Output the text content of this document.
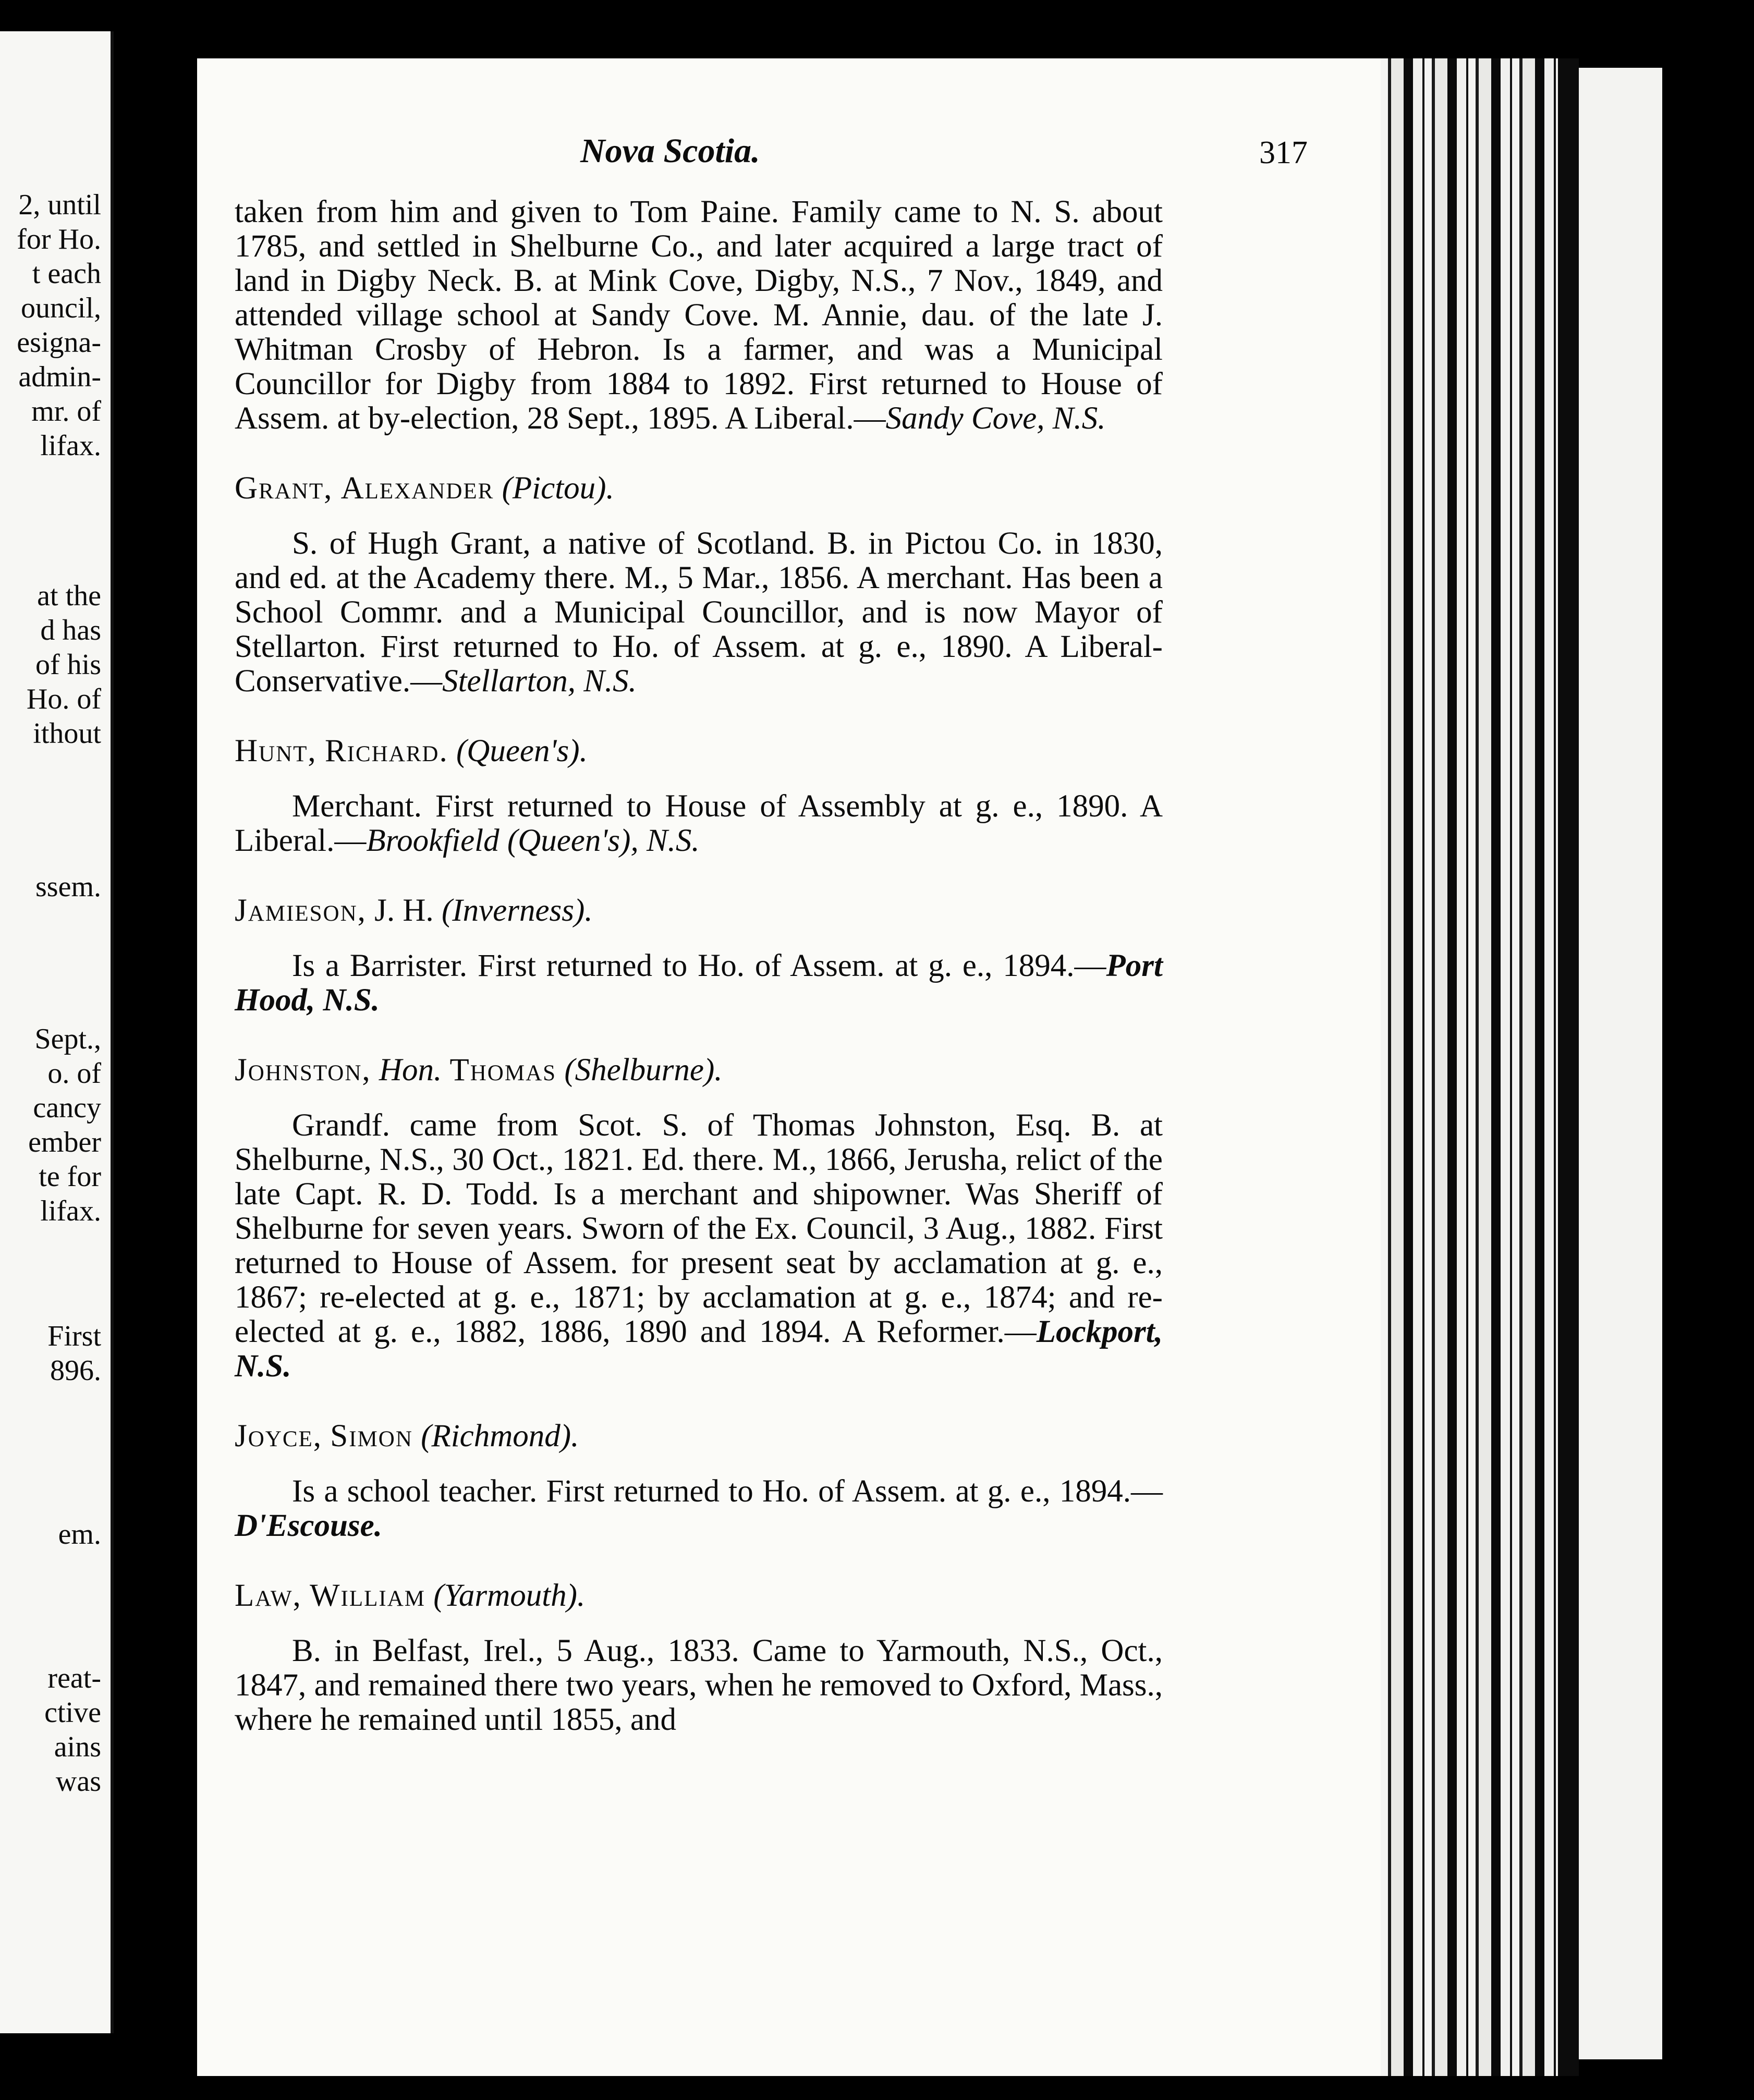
2, until
for Ho.
t each
ouncil,
esigna-
admin-
mr. of
lifax.
at the
d has
of his
Ho. of
ithout
ssem.
Sept.,
o. of
cancy
ember
te for
lifax.
First
896.
em.
reat-
ctive
ains
was
Nova Scotia.	317

taken from him and given to Tom Paine. Family came to N. S. about 1785, and settled in Shelburne Co., and later acquired a large tract of land in Digby Neck. B. at Mink Cove, Digby, N.S., 7 Nov., 1849, and attended village school at Sandy Cove. M. Annie, dau. of the late J. Whitman Crosby of Hebron. Is a farmer, and was a Municipal Councillor for Digby from 1884 to 1892. First returned to House of Assem. at by-election, 28 Sept., 1895. A Liberal.—Sandy Cove, N.S.

Grant, Alexander (Pictou).

S. of Hugh Grant, a native of Scotland. B. in Pictou Co. in 1830, and ed. at the Academy there. M., 5 Mar., 1856. A merchant. Has been a School Commr. and a Municipal Councillor, and is now Mayor of Stellarton. First returned to Ho. of Assem. at g. e., 1890. A Liberal-Conservative.—Stellarton, N.S.

Hunt, Richard. (Queen's).

Merchant. First returned to House of Assembly at g. e., 1890. A Liberal.—Brookfield (Queen's), N.S.

Jamieson, J. H. (Inverness).

Is a Barrister. First returned to Ho. of Assem. at g. e., 1894.—Port Hood, N.S.

Johnston, Hon. Thomas (Shelburne).

Grandf. came from Scot. S. of Thomas Johnston, Esq. B. at Shelburne, N.S., 30 Oct., 1821. Ed. there. M., 1866, Jerusha, relict of the late Capt. R. D. Todd. Is a merchant and shipowner. Was Sheriff of Shelburne for seven years. Sworn of the Ex. Council, 3 Aug., 1882. First returned to House of Assem. for present seat by acclamation at g. e., 1867; re-elected at g. e., 1871; by acclamation at g. e., 1874; and re-elected at g. e., 1882, 1886, 1890 and 1894. A Reformer.—Lockport, N.S.

Joyce, Simon (Richmond).

Is a school teacher. First returned to Ho. of Assem. at g. e., 1894.—D'Escouse.

Law, William (Yarmouth).

B. in Belfast, Irel., 5 Aug., 1833. Came to Yarmouth, N.S., Oct., 1847, and remained there two years, when he removed to Oxford, Mass., where he remained until 1855, and
